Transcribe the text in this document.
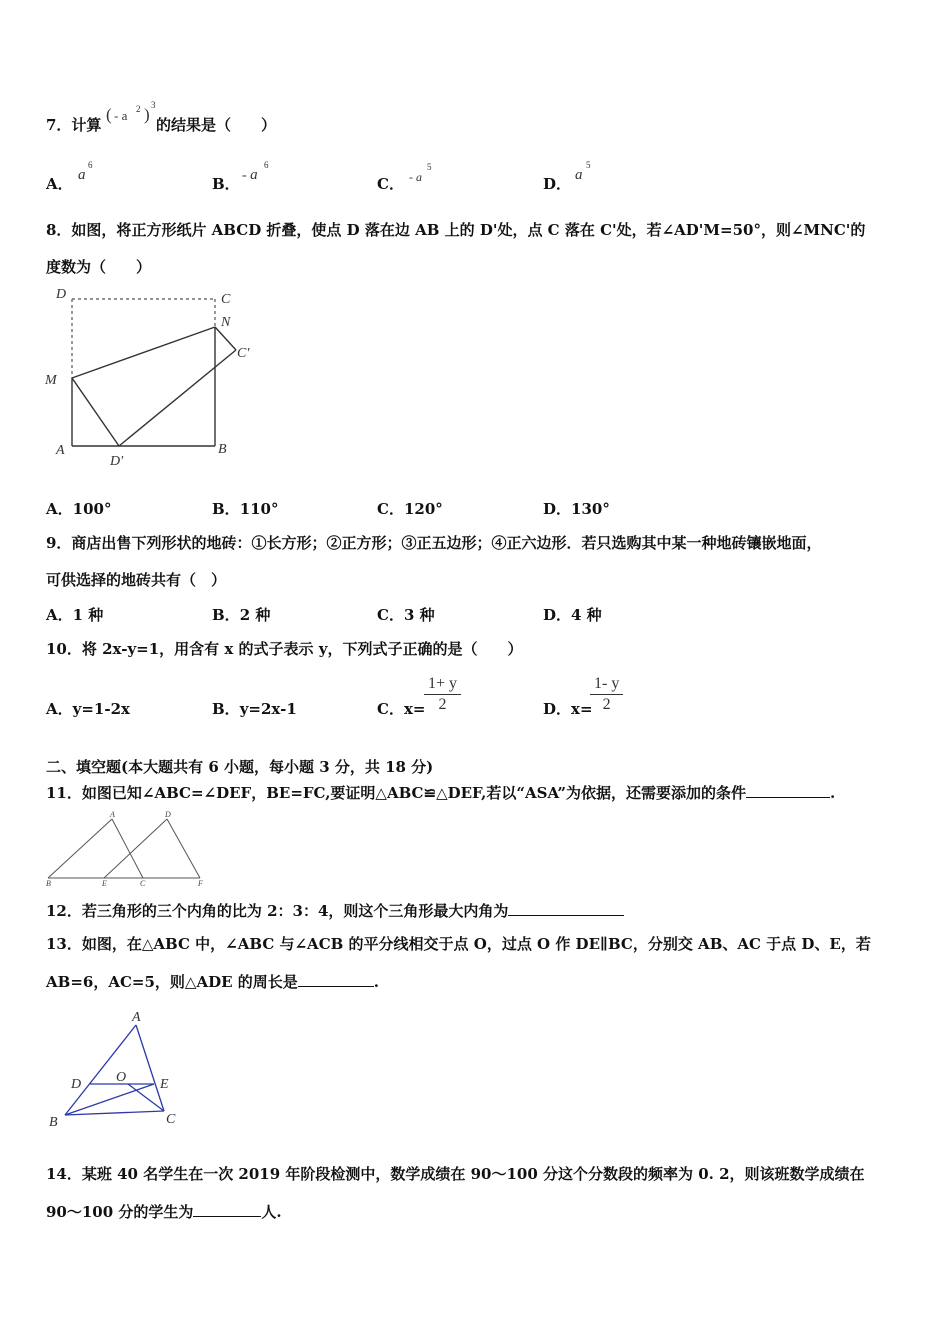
7．计算
( - a 2 ) 3
的结果是（　　）
A． a
6
B． - a
6
C． - a
5
D． a
5
8．如图，将正方形纸片 ABCD 折叠，使点 D 落在边 AB 上的 D'处，点 C 落在 C'处，若∠AD'M=50°，则∠MNC'的
度数为（　　）
D	C
N
C′
M
A
D′
B
A．100°	B．110°	C．120°	D．130°
9．商店出售下列形状的地砖：①长方形；②正方形；③正五边形；④正六边形．若只选购其中某一种地砖镶嵌地面，
可供选择的地砖共有（　）
A．1 种	B．2 种	C．3 种	D．4 种
10．将 2x-y=1，用含有 x 的式子表示 y，下列式子正确的是（　　）
A．y=1-2x	B．y=2x-1	C．x=
$\frac{1+ y}{2}$	D．x=
$\frac{1- y}{2}$
二、填空题(本大题共有 6 小题，每小题 3 分，共 18 分)
11．如图已知∠ABC=∠DEF，BE=FC,要证明△ABC≌△DEF,若以“ASA”为依据，还需要添加的条件	.
A	D
B	E	C	F
12．若三角形的三个内角的比为 2：3：4，则这个三角形最大内角为
13．如图，在△ABC 中，∠ABC 与∠ACB 的平分线相交于点 O，过点 O 作 DE∥BC，分别交 AB、AC 于点 D、E，若
AB=6，AC=5，则△ADE 的周长是	.
A
D O E
B	C
14．某班 40 名学生在一次 2019 年阶段检测中，数学成绩在 90～100 分这个分数段的频率为 0. 2，则该班数学成绩在
90～100 分的学生为	人.
